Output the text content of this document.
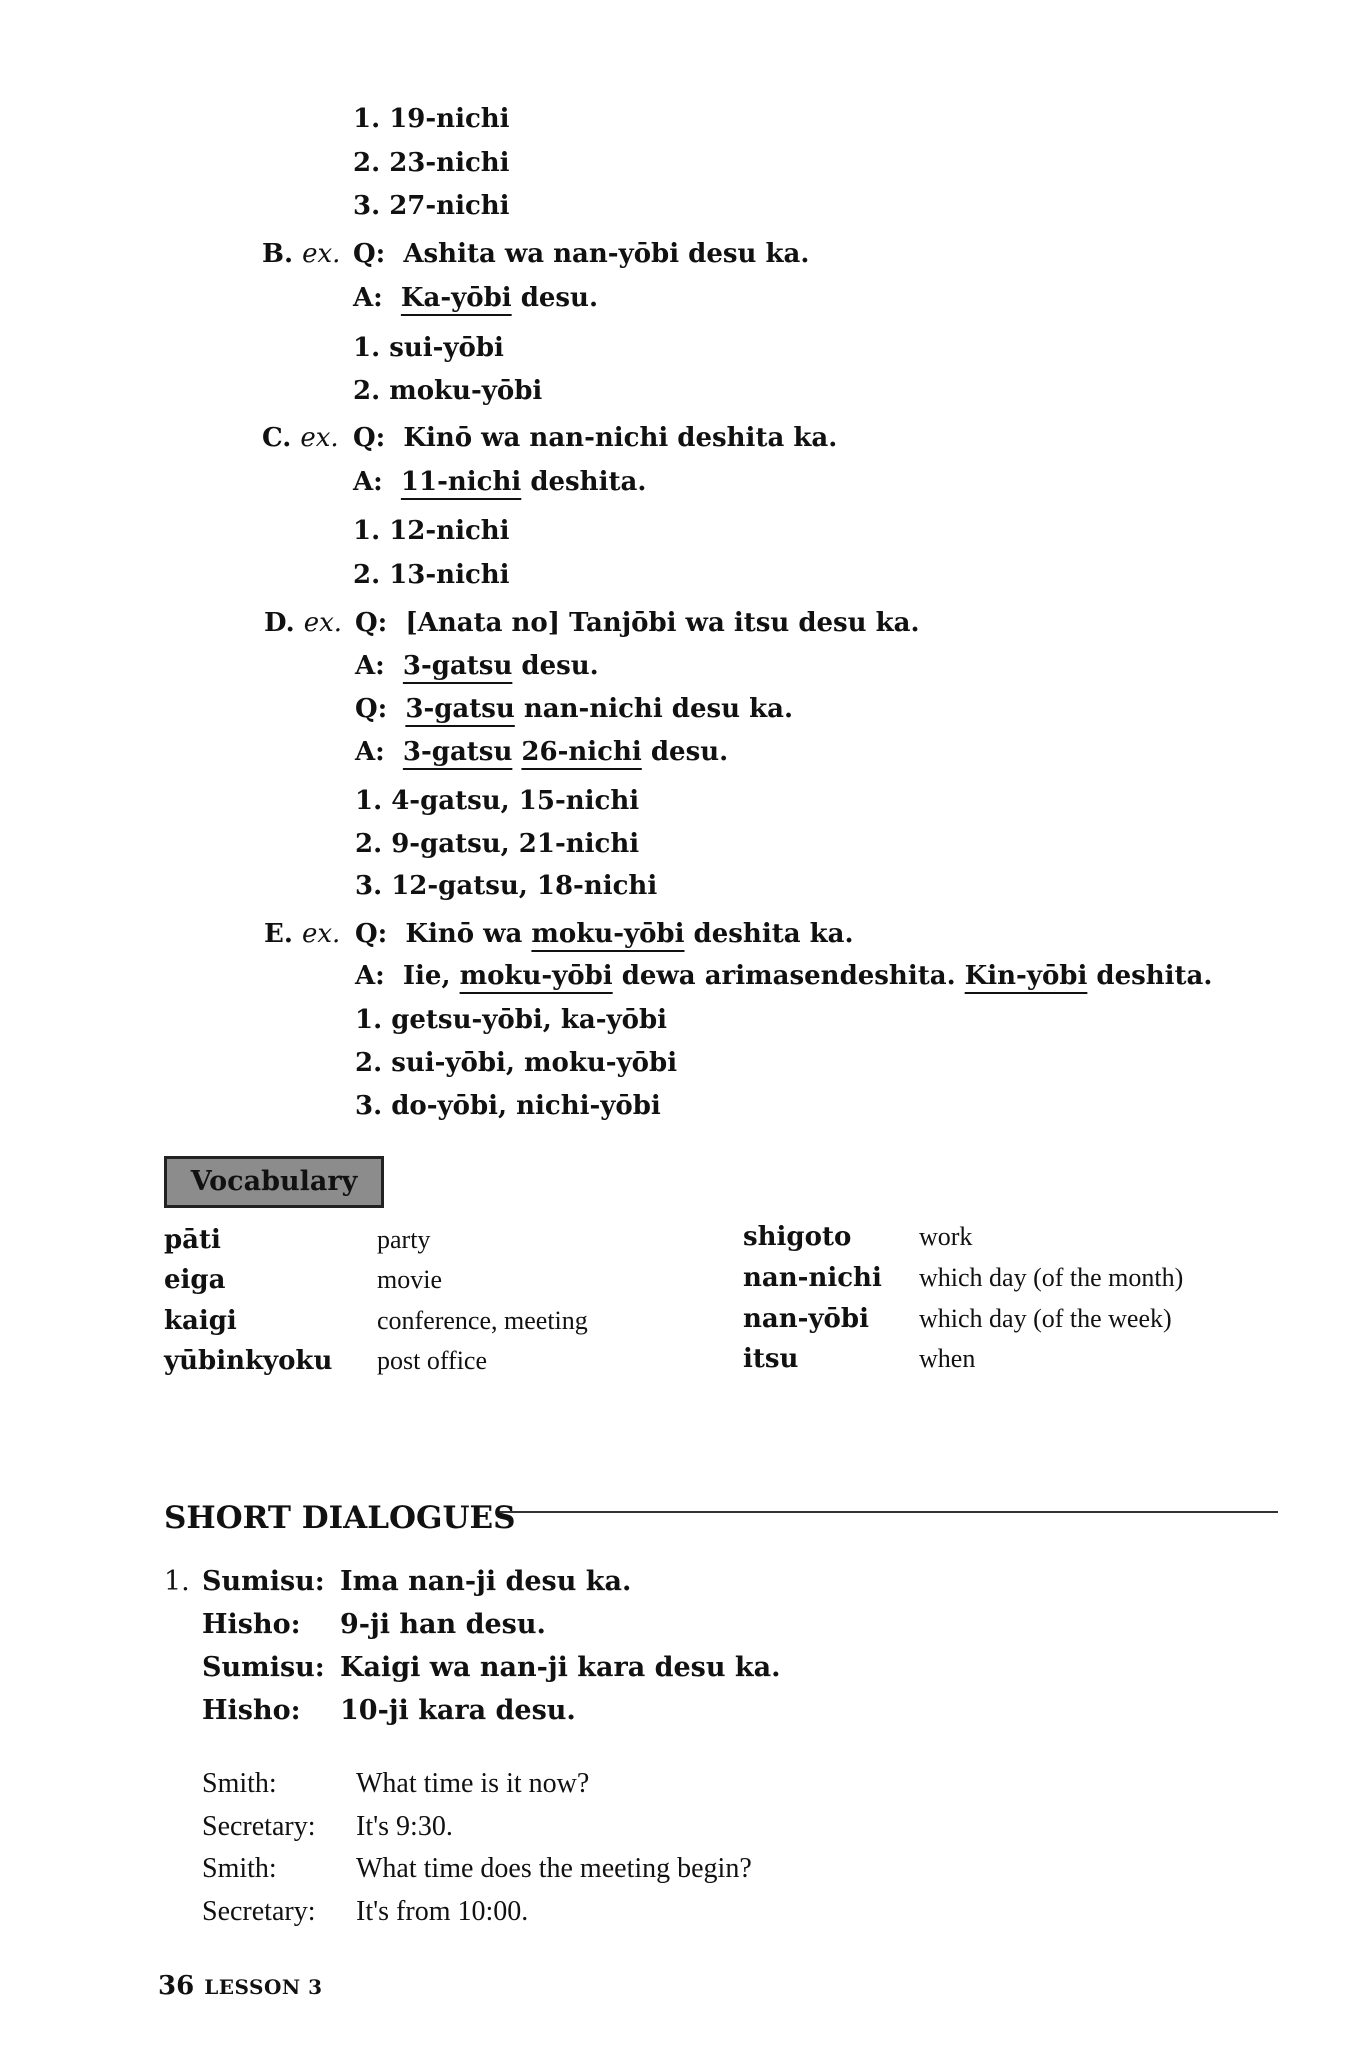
1. 19-nichi
2. 23-nichi
3. 27-nichi
B. ex. Q: Ashita wa nan-yōbi desu ka.
A: Ka-yōbi desu.
1. sui-yōbi
2. moku-yōbi
C. ex. Q: Kinō wa nan-nichi deshita ka.
A: 11-nichi deshita.
1. 12-nichi
2. 13-nichi
D. ex. Q: [Anata no] Tanjōbi wa itsu desu ka.
A: 3-gatsu desu.
Q: 3-gatsu nan-nichi desu ka.
A: 3-gatsu 26-nichi desu.
1. 4-gatsu, 15-nichi
2. 9-gatsu, 21-nichi
3. 12-gatsu, 18-nichi
E. ex. Q: Kinō wa moku-yōbi deshita ka.
A: Iie, moku-yōbi dewa arimasendeshita. Kin-yōbi deshita.
1. getsu-yōbi, ka-yōbi
2. sui-yōbi, moku-yōbi
3. do-yōbi, nichi-yōbi
Vocabulary
pāti	party
eiga	movie
kaigi	conference, meeting
yūbinkyoku post office
shigoto	work
nan-nichi which day (of the month)
nan-yōbi which day (of the week)
itsu	when
SHORT DIALOGUES
1. Sumisu: Ima nan-ji desu ka.
Hisho: 9-ji han desu.
Sumisu: Kaigi wa nan-ji kara desu ka.
Hisho: 10-ji kara desu.
Smith:	What time is it now?
Secretary: It's 9:30.
Smith:	What time does the meeting begin?
Secretary: It's from 10:00.
36 LESSON 3
